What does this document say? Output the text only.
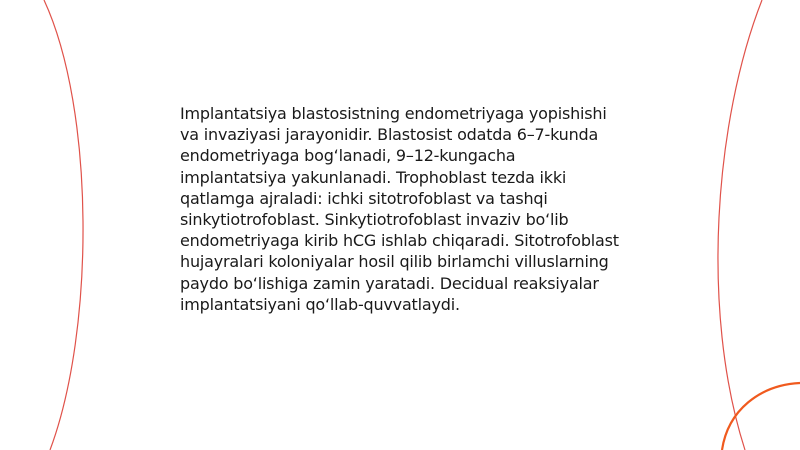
Implantatsiya blastosistning endometriyaga yopishishi va invaziyasi jarayonidir. Blastosist odatda 6–7-kunda endometriyaga bog‘lanadi, 9–12-kungacha implantatsiya yakunlanadi. Trophoblast tezda ikki qatlamga ajraladi: ichki sitotrofoblast va tashqi sinkytiotrofoblast. Sinkytiotrofoblast invaziv bo‘lib endometriyaga kirib hCG ishlab chiqaradi. Sitotrofoblast hujayralari koloniyalar hosil qilib birlamchi villuslarning paydo bo‘lishiga zamin yaratadi. Decidual reaksiyalar implantatsiyani qo‘llab-quvvatlaydi.
